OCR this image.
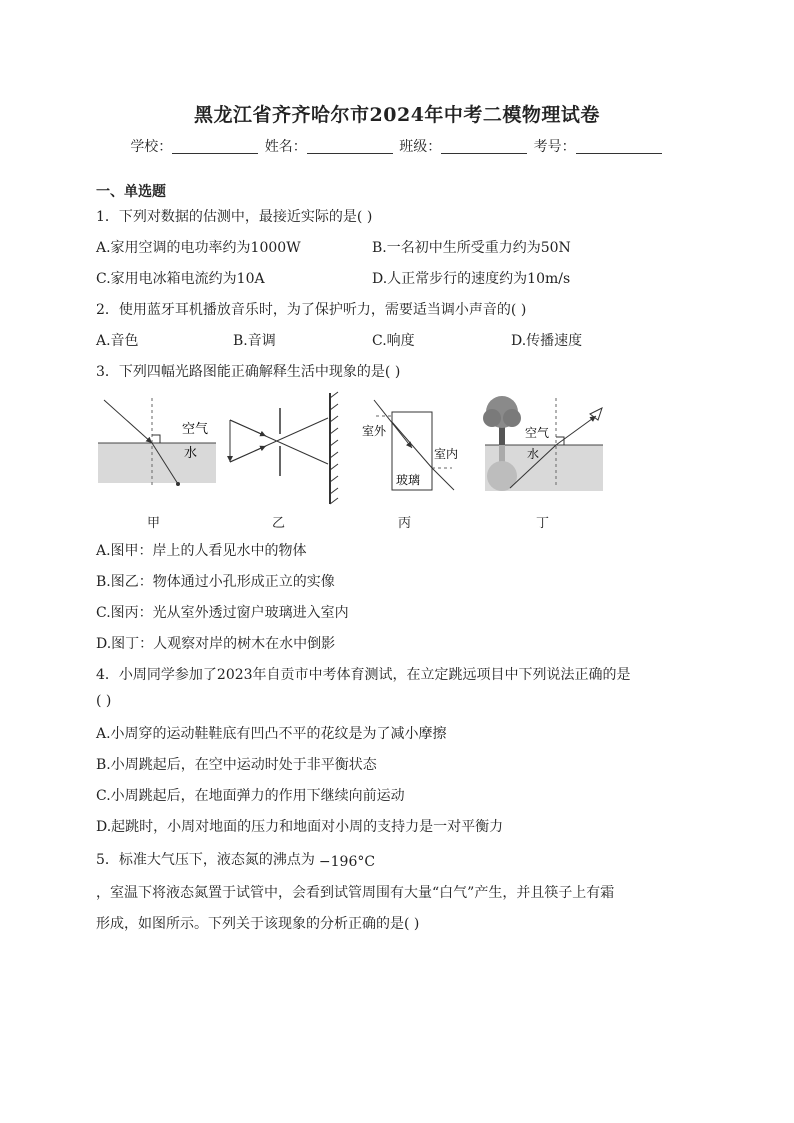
黑龙江省齐齐哈尔市2024年中考二模物理试卷
学校：	姓名：	班级：	考号：
一、单选题
1．下列对数据的估测中，最接近实际的是( )
A.家用空调的电功率约为1000W	B.一名初中生所受重力约为50N
C.家用电冰箱电流约为10A	D.人正常步行的速度约为10m/s
2．使用蓝牙耳机播放音乐时，为了保护听力，需要适当调小声音的( )
A.音色	B.音调	C.响度	D.传播速度
3．下列四幅光路图能正确解释生活中现象的是( )
空气
水
室外
室内
玻璃
空气
水
甲	乙	丙	丁
A.图甲：岸上的人看见水中的物体
B.图乙：物体通过小孔形成正立的实像
C.图丙：光从室外透过窗户玻璃进入室内
D.图丁：人观察对岸的树木在水中倒影
4．小周同学参加了2023年自贡市中考体育测试，在立定跳远项目中下列说法正确的是
( )
A.小周穿的运动鞋鞋底有凹凸不平的花纹是为了减小摩擦
B.小周跳起后，在空中运动时处于非平衡状态
C.小周跳起后，在地面弹力的作用下继续向前运动
D.起跳时，小周对地面的压力和地面对小周的支持力是一对平衡力
5．标准大气压下，液态氮的沸点为 −196°C
，室温下将液态氮置于试管中，会看到试管周围有大量“白气”产生，并且筷子上有霜
形成，如图所示。下列关于该现象的分析正确的是( )
